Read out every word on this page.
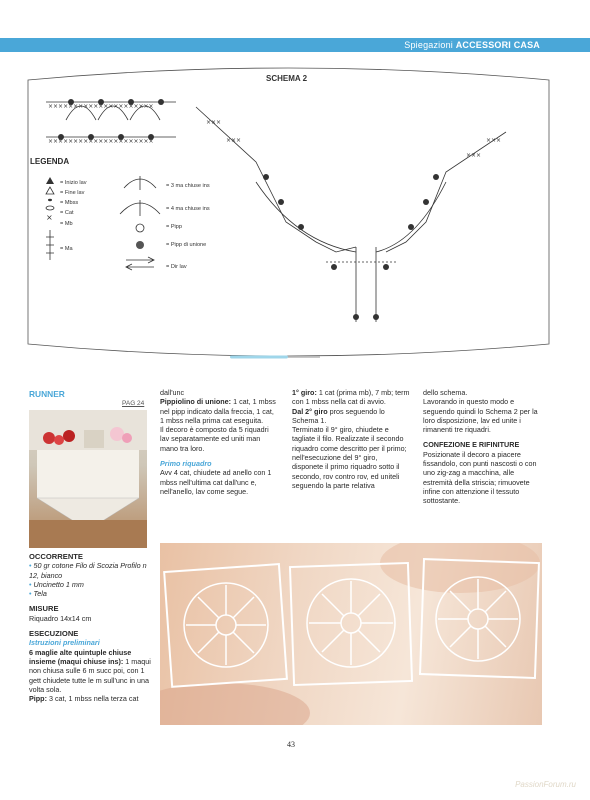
Spiegazioni ACCESSORI CASA
×××××××××××××××××××××
×××××××××××××××××××××
×××
×××	×××
×××
SCHEMA 2
LEGENDA
×
= Inizio lav
= Fine lav
= Mbss
= Cat
= Mb
= Ma
= 3 ma chiuse ins
= 4 ma chiuse ins
= Pipp
= Pipp di unione
= Dir lav
RUNNER
PAG 24

OCCORRENTE

• 50 gr cotone Filo di Scozia Profilo n 12, bianco

• Uncinetto 1 mm

• Tela

MISURE

Riquadro 14x14 cm

ESECUZIONE

Istruzioni preliminari

6 maglie alte quintuple chiuse insieme (maqui chiuse ins): 1 maqui non chiusa sulle 6 m succ poi, con 1 gett chiudete tutte le m sull'unc in una volta sola.

Pipp: 3 cat, 1 mbss nella terza cat

dall'unc

Pippiolino di unione: 1 cat, 1 mbss nel pipp indicato dalla freccia, 1 cat, 1 mbss nella prima cat eseguita.

Il decoro è composto da 5 riquadri lav separatamente ed uniti man mano tra loro.

Primo riquadro

Avv 4 cat, chiudete ad anello con 1 mbss nell'ultima cat dall'unc e, nell'anello, lav come segue.

1° giro: 1 cat (prima mb), 7 mb; term con 1 mbss nella cat di avvio.

Dal 2° giro pros seguendo lo Schema 1.

Terminato il 9° giro, chiudete e tagliate il filo. Realizzate il secondo riquadro come descritto per il primo; nell'esecuzione del 9° giro, disponete il primo riquadro sotto il secondo, rov contro rov, ed uniteli seguendo la parte relativa

dello schema.

Lavorando in questo modo e seguendo quindi lo Schema 2 per la loro disposizione, lav ed unite i rimanenti tre riquadri.

CONFEZIONE E RIFINITURE

Posizionate il decoro a piacere fissandolo, con punti nascosti o con uno zig-zag a macchina, alle estremità della striscia; rimuovete infine con attenzione il tessuto sottostante.

43
PassionForum.ru
